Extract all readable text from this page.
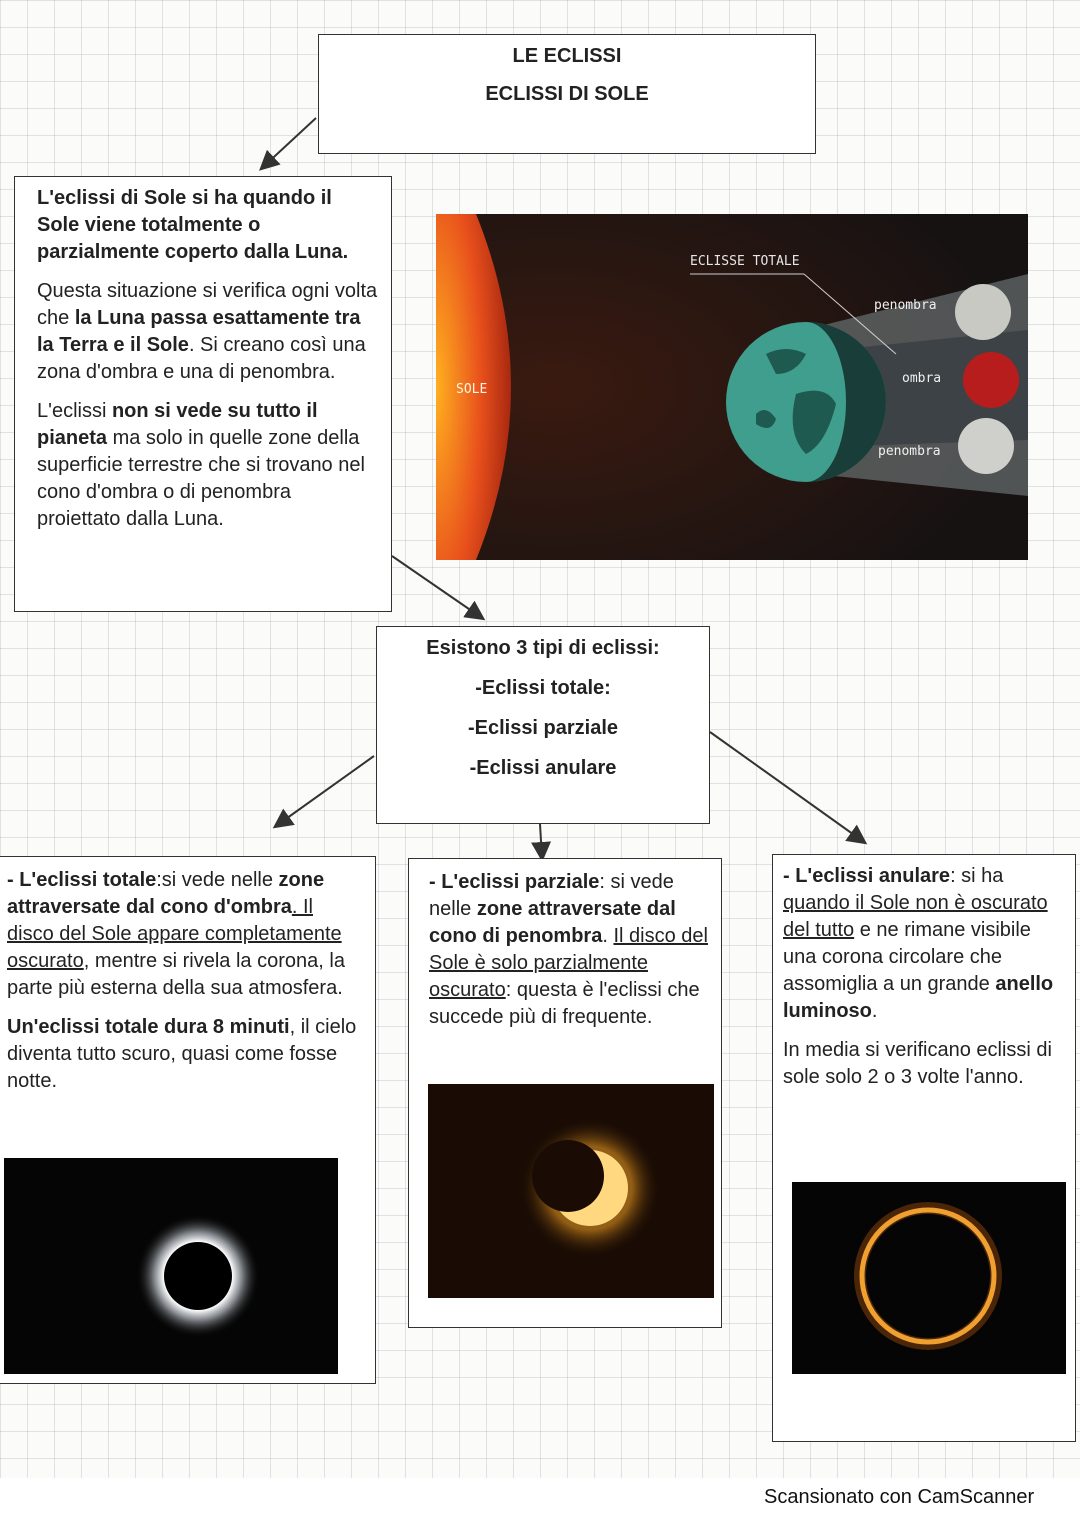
LE ECLISSI
ECLISSI DI SOLE

L'eclissi di Sole si ha quando il Sole viene totalmente o parzialmente coperto dalla Luna.

Questa situazione si verifica ogni volta che la Luna passa esattamente tra la Terra e il Sole. Si creano così una zona d'ombra e una di penombra.

L'eclissi non si vede su tutto il pianeta ma solo in quelle zone della superficie terrestre che si trovano nel cono d'ombra o di penombra proiettato dalla Luna.

ECLISSE TOTALE
SOLE
penombra
ombra
penombra
Esistono 3 tipi di eclissi:
-Eclissi totale:
-Eclissi parziale
-Eclissi anulare

- L'eclissi totale:si vede nelle zone attraversate dal cono d'ombra. Il disco del Sole appare completamente oscurato, mentre si rivela la corona, la parte più esterna della sua atmosfera.

Un'eclissi totale dura 8 minuti, il cielo diventa tutto scuro, quasi come fosse notte.

- L'eclissi parziale: si vede nelle zone attraversate dal cono di penombra. Il disco del Sole è solo parzialmente oscurato: questa è l'eclissi che succede più di frequente.

- L'eclissi anulare: si ha quando il Sole non è oscurato del tutto e ne rimane visibile una corona circolare che assomiglia a un grande anello luminoso.

In media si verificano eclissi di sole solo 2 o 3 volte l'anno.

Scansionato con CamScanner
